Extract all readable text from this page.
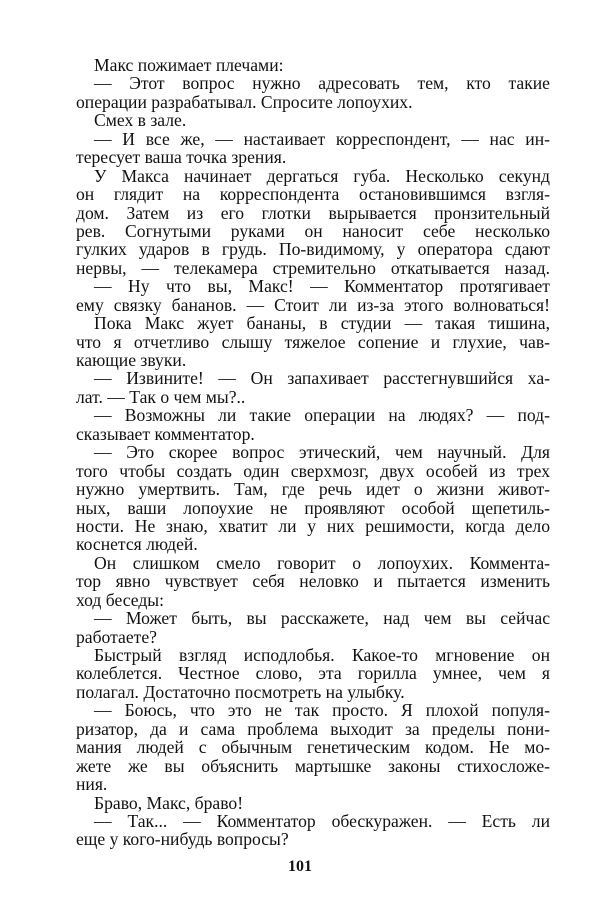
Макс пожимает плечами:
— Этот вопрос нужно адресовать тем, кто такие
операции разрабатывал. Спросите лопоухих.
Смех в зале.
— И все же, — настаивает корреспондент, — нас ин-
тересует ваша точка зрения.
У Макса начинает дергаться губа. Несколько секунд
он глядит на корреспондента остановившимся взгля-
дом. Затем из его глотки вырывается пронзительный
рев. Согнутыми руками он наносит себе несколько
гулких ударов в грудь. По-видимому, у оператора сдают
нервы, — телекамера стремительно откатывается назад.
— Ну что вы, Макс! — Комментатор протягивает
ему связку бананов. — Стоит ли из-за этого волноваться!
Пока Макс жует бананы, в студии — такая тишина,
что я отчетливо слышу тяжелое сопение и глухие, чав-
кающие звуки.
— Извините! — Он запахивает расстегнувшийся ха-
лат. — Так о чем мы?..
— Возможны ли такие операции на людях? — под-
сказывает комментатор.
— Это скорее вопрос этический, чем научный. Для
того чтобы создать один сверхмозг, двух особей из трех
нужно умертвить. Там, где речь идет о жизни живот-
ных, ваши лопоухие не проявляют особой щепетиль-
ности. Не знаю, хватит ли у них решимости, когда дело
коснется людей.
Он слишком смело говорит о лопоухих. Коммента-
тор явно чувствует себя неловко и пытается изменить
ход беседы:
— Может быть, вы расскажете, над чем вы сейчас
работаете?
Быстрый взгляд исподлобья. Какое-то мгновение он
колеблется. Честное слово, эта горилла умнее, чем я
полагал. Достаточно посмотреть на улыбку.
— Боюсь, что это не так просто. Я плохой популя-
ризатор, да и сама проблема выходит за пределы пони-
мания людей с обычным генетическим кодом. Не мо-
жете же вы объяснить мартышке законы стихосложе-
ния.
Браво, Макс, браво!
— Так... — Комментатор обескуражен. — Есть ли
еще у кого-нибудь вопросы?
101
